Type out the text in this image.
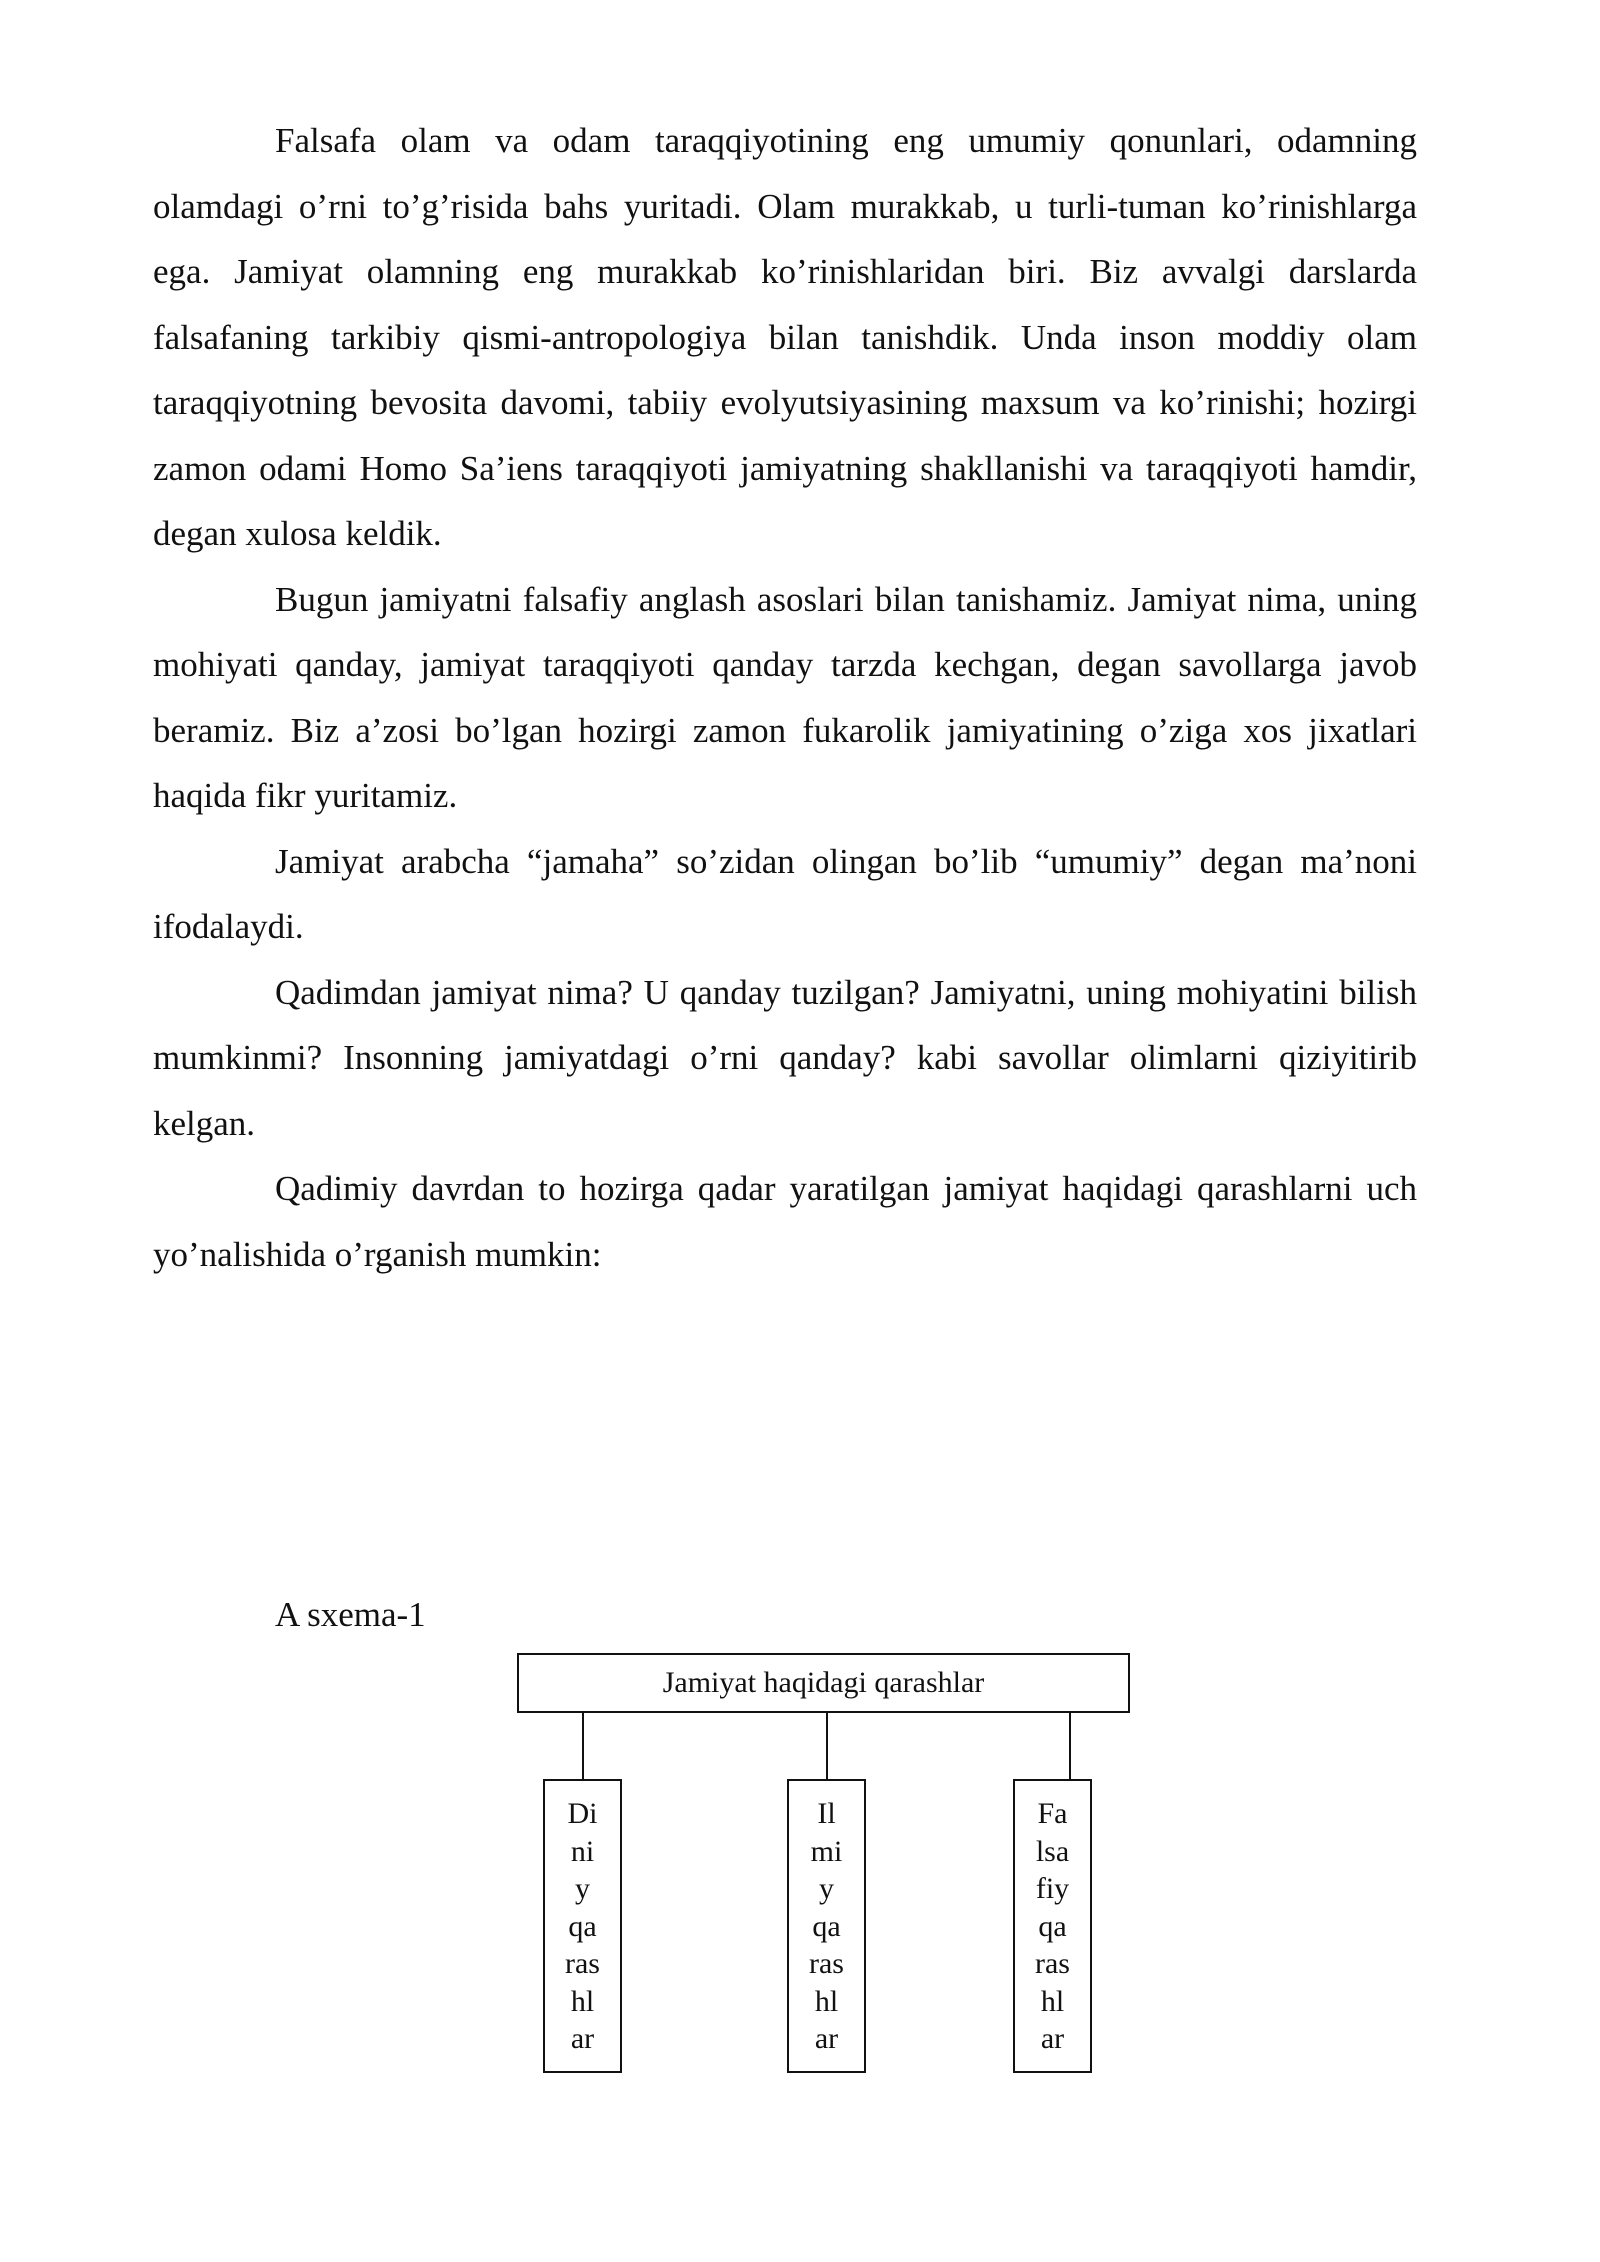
Falsafa olam va odam taraqqiyotining eng umumiy qonunlari, odamning olamdagi o’rni to’g’risida bahs yuritadi. Olam murakkab, u turli-tuman ko’rinishlarga ega. Jamiyat olamning eng murakkab ko’rinishlaridan biri. Biz avvalgi darslarda falsafaning tarkibiy qismi-antropologiya bilan tanishdik. Unda inson moddiy olam taraqqiyotning bevosita davomi, tabiiy evolyutsiyasining maxsum va ko’rinishi; hozirgi zamon odami Homo Sa’iens taraqqiyoti jamiyatning shakllanishi va taraqqiyoti hamdir, degan xulosa keldik.

Bugun jamiyatni falsafiy anglash asoslari bilan tanishamiz. Jamiyat nima, uning mohiyati qanday, jamiyat taraqqiyoti qanday tarzda kechgan, degan savollarga javob beramiz. Biz a’zosi bo’lgan hozirgi zamon fukarolik jamiyatining o’ziga xos jixatlari haqida fikr yuritamiz.

Jamiyat arabcha “jamaha” so’zidan olingan bo’lib “umumiy” degan ma’noni ifodalaydi.

Qadimdan jamiyat nima? U qanday tuzilgan? Jamiyatni, uning mohiyatini bilish mumkinmi? Insonning jamiyatdagi o’rni qanday? kabi savollar olimlarni qiziyitirib kelgan.

Qadimiy davrdan to hozirga qadar yaratilgan jamiyat haqidagi qarashlarni uch yo’nalishida o’rganish mumkin:

A sxema-1
Jamiyat haqidagi qarashlar
Di
ni
y
qa
ras
hl
ar
Il
mi
y
qa
ras
hl
ar
Fa
lsa
fiy
qa
ras
hl
ar
